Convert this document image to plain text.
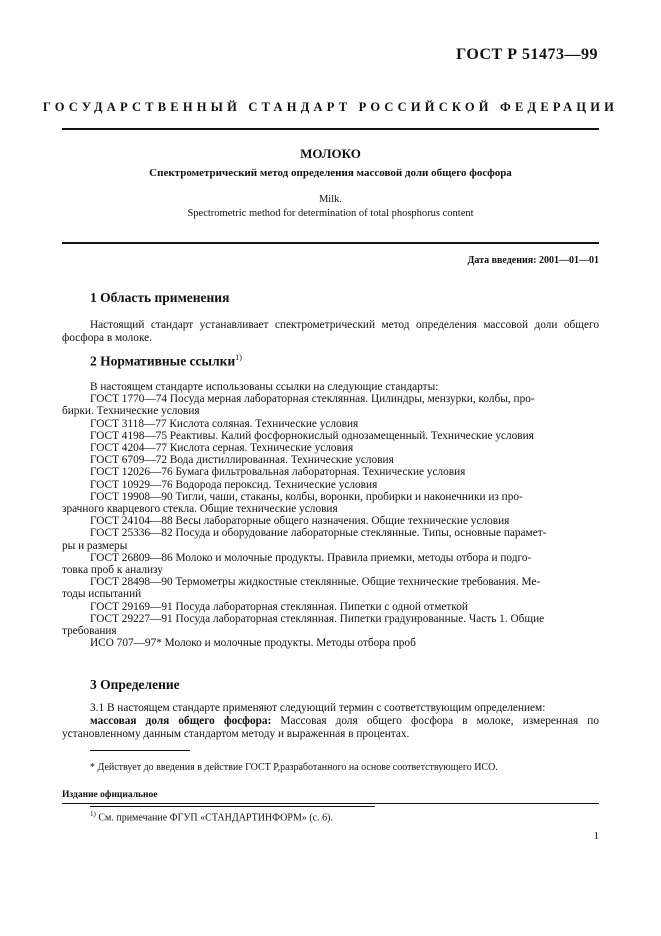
ГОСТ Р 51473—99
ГОСУДАРСТВЕННЫЙ СТАНДАРТ РОССИЙСКОЙ ФЕДЕРАЦИИ
МОЛОКО
Спектрометрический метод определения массовой доли общего фосфора
Milk.
Spectrometric method for determination of total phosphorus content
Дата введения: 2001—01—01
1 Область применения
Настоящий стандарт устанавливает спектрометрический метод определения массовой доли общего фосфора в молоке.
2 Нормативные ссылки$^{1)}$
В настоящем стандарте использованы ссылки на следующие стандарты:
ГОСТ 1770—74 Посуда мерная лабораторная стеклянная. Цилиндры, мензурки, колбы, про-
бирки. Технические условия
ГОСТ 3118—77 Кислота соляная. Технические условия
ГОСТ 4198—75 Реактивы. Калий фосфорнокислый однозамещенный. Технические условия
ГОСТ 4204—77 Кислота серная. Технические условия
ГОСТ 6709—72 Вода дистиллированная. Технические условия
ГОСТ 12026—76 Бумага фильтровальная лабораторная. Технические условия
ГОСТ 10929—76 Водорода пероксид. Технические условия
ГОСТ 19908—90 Тигли, чаши, стаканы, колбы, воронки, пробирки и наконечники из про-
зрачного кварцевого стекла. Общие технические условия
ГОСТ 24104—88 Весы лабораторные общего назначения. Общие технические условия
ГОСТ 25336—82 Посуда и оборудование лабораторные стеклянные. Типы, основные парамет-
ры и размеры
ГОСТ 26809—86 Молоко и молочные продукты. Правила приемки, методы отбора и подго-
товка проб к анализу
ГОСТ 28498—90 Термометры жидкостные стеклянные. Общие технические требования. Ме-
тоды испытаний
ГОСТ 29169—91 Посуда лабораторная стеклянная. Пипетки с одной отметкой
ГОСТ 29227—91 Посуда лабораторная стеклянная. Пипетки градуированные. Часть 1. Общие
требования
ИСО 707—97* Молоко и молочные продукты. Методы отбора проб
3 Определение
3.1 В настоящем стандарте применяют следующий термин с соответствующим определением:
массовая доля общего фосфора: Массовая доля общего фосфора в молоке, измеренная по установленному данным стандартом методу и выраженная в процентах.
* Действует до введения в действие ГОСТ Р,разработанного на основе соответствующего ИСО.
Издание официальное
$^{1)}$ См. примечание ФГУП «СТАНДАРТИНФОРМ» (с. 6).
1
